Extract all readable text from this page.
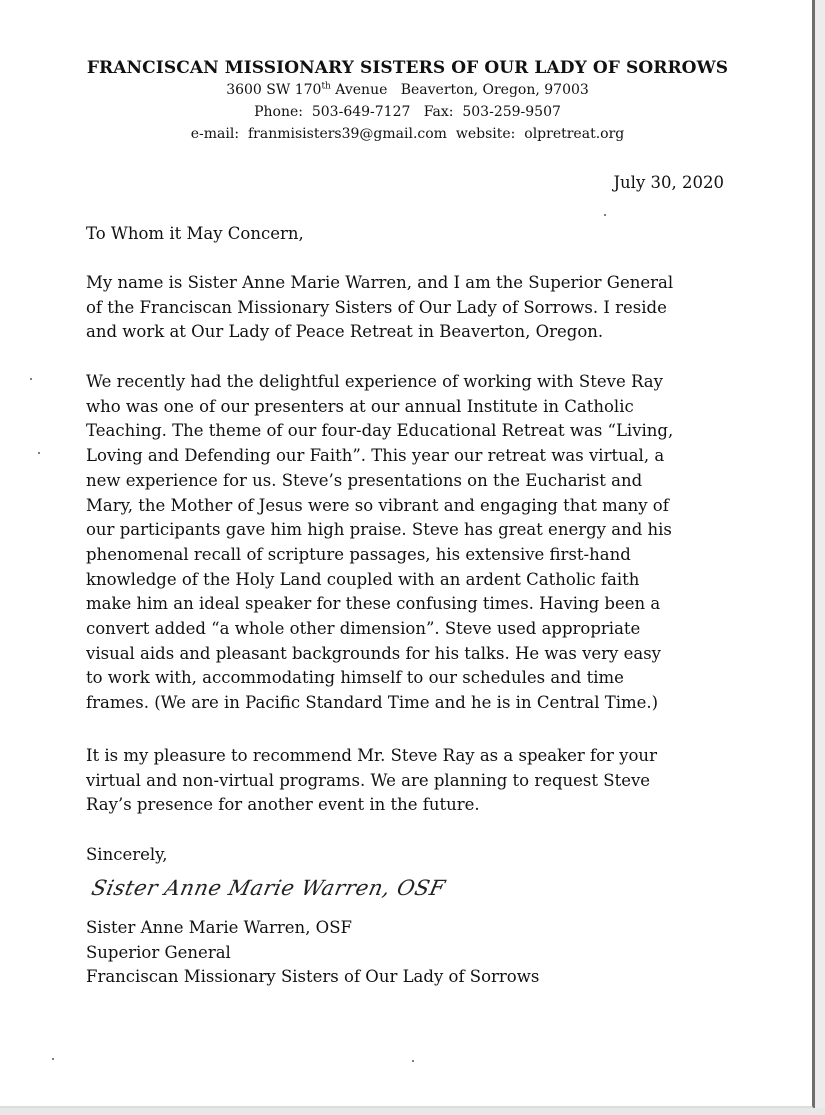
FRANCISCAN MISSIONARY SISTERS OF OUR LADY OF SORROWS
3600 SW 170th Avenue   Beaverton, Oregon, 97003
Phone:  503-649-7127   Fax:  503-259-9507
e-mail:  franmisisters39@gmail.com  website:  olpretreat.org
July 30, 2020
To Whom it May Concern,
My name is Sister Anne Marie Warren, and I am the Superior General
of the Franciscan Missionary Sisters of Our Lady of Sorrows. I reside
and work at Our Lady of Peace Retreat in Beaverton, Oregon.
We recently had the delightful experience of working with Steve Ray
who was one of our presenters at our annual Institute in Catholic
Teaching. The theme of our four-day Educational Retreat was “Living,
Loving and Defending our Faith”. This year our retreat was virtual, a
new experience for us. Steve’s presentations on the Eucharist and
Mary, the Mother of Jesus were so vibrant and engaging that many of
our participants gave him high praise. Steve has great energy and his
phenomenal recall of scripture passages, his extensive first-hand
knowledge of the Holy Land coupled with an ardent Catholic faith
make him an ideal speaker for these confusing times. Having been a
convert added “a whole other dimension”. Steve used appropriate
visual aids and pleasant backgrounds for his talks. He was very easy
to work with, accommodating himself to our schedules and time
frames. (We are in Pacific Standard Time and he is in Central Time.)
It is my pleasure to recommend Mr. Steve Ray as a speaker for your
virtual and non-virtual programs. We are planning to request Steve
Ray’s presence for another event in the future.
Sincerely,
Sister Anne Marie Warren, OSF
Sister Anne Marie Warren, OSF
Superior General
Franciscan Missionary Sisters of Our Lady of Sorrows
